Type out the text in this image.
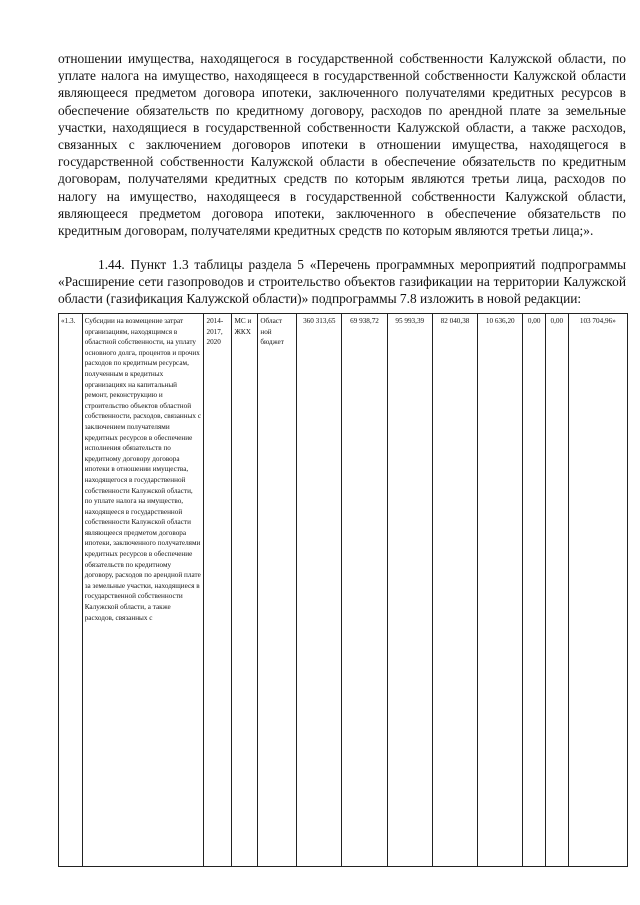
отношении имущества, находящегося в государственной собственности Калужской области, по уплате налога на имущество, находящееся в государственной собственности Калужской области являющееся предметом договора ипотеки, заключенного получателями кредитных ресурсов в обеспечение обязательств по кредитному договору, расходов по арендной плате за земельные участки, находящиеся в государственной собственности Калужской области, а также расходов, связанных с заключением договоров ипотеки в отношении имущества, находящегося в государственной собственности Калужской области в обеспечение обязательств по кредитным договорам, получателями кредитных средств по которым являются третьи лица, расходов по налогу на имущество, находящееся в государственной собственности Калужской области, являющееся предметом договора ипотеки, заключенного в обеспечение обязательств по кредитным договорам, получателями кредитных средств по которым являются третьи лица;».

1.44. Пункт 1.3 таблицы раздела 5 «Перечень программных мероприятий подпрограммы «Расширение сети газопроводов и строительство объектов газификации на территории Калужской области (газификация Калужской области)» подпрограммы 7.8 изложить в новой редакции:

«1.3.	Субсидии на возмещение затрат организациям, находящимся в областной собственности, на уплату основного долга, процентов и прочих расходов по кредитным ресурсам, полученным в кредитных организациях на капитальный ремонт, реконструкцию и строительство объектов областной собственности, расходов, связанных с заключением получателями кредитных ресурсов в обеспечение исполнения обязательств по кредитному договору договора ипотеки в отношении имущества, находящегося в государственной собственности Калужской области, по уплате налога на имущество, находящееся в государственной собственности Калужской области являющееся предметом договора ипотеки, заключенного получателями кредитных ресурсов в обеспечение обязательств по кредитному договору, расходов по арендной плате за земельные участки, находящиеся в государственной собственности Калужской области, а также расходов, связанных с	2014-2017, 2020	МС и ЖКХ	Област ной бюджет	360 313,65	69 938,72	95 993,39	82 040,38	10 636,20	0,00	0,00	103 704,96»
